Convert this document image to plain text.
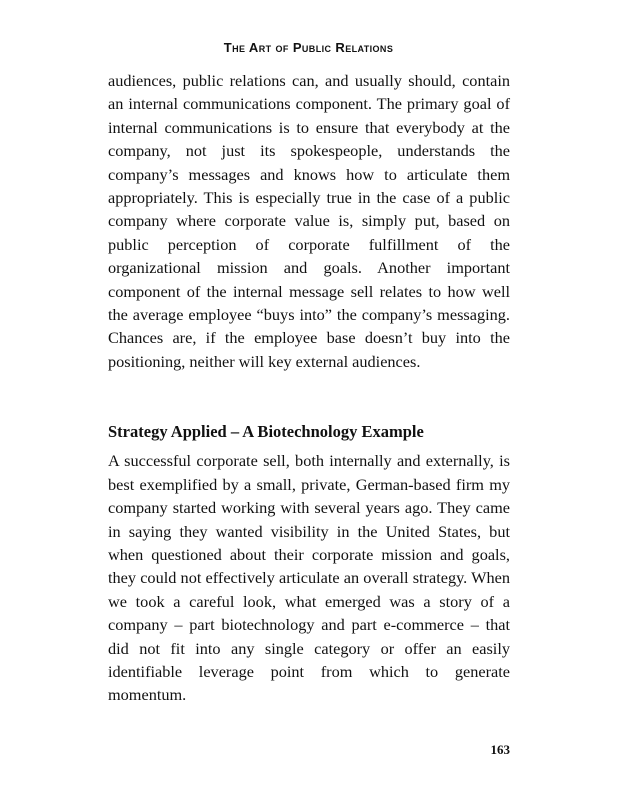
The Art of Public Relations

audiences, public relations can, and usually should, contain an internal communications component. The primary goal of internal communications is to ensure that everybody at the company, not just its spokespeople, understands the company’s messages and knows how to articulate them appropriately. This is especially true in the case of a public company where corporate value is, simply put, based on public perception of corporate fulfillment of the organizational mission and goals. Another important component of the internal message sell relates to how well the average employee “buys into” the company’s messaging. Chances are, if the employee base doesn’t buy into the positioning, neither will key external audiences.

Strategy Applied – A Biotechnology Example

A successful corporate sell, both internally and externally, is best exemplified by a small, private, German-based firm my company started working with several years ago. They came in saying they wanted visibility in the United States, but when questioned about their corporate mission and goals, they could not effectively articulate an overall strategy. When we took a careful look, what emerged was a story of a company – part biotechnology and part e-commerce – that did not fit into any single category or offer an easily identifiable leverage point from which to generate momentum.

163
